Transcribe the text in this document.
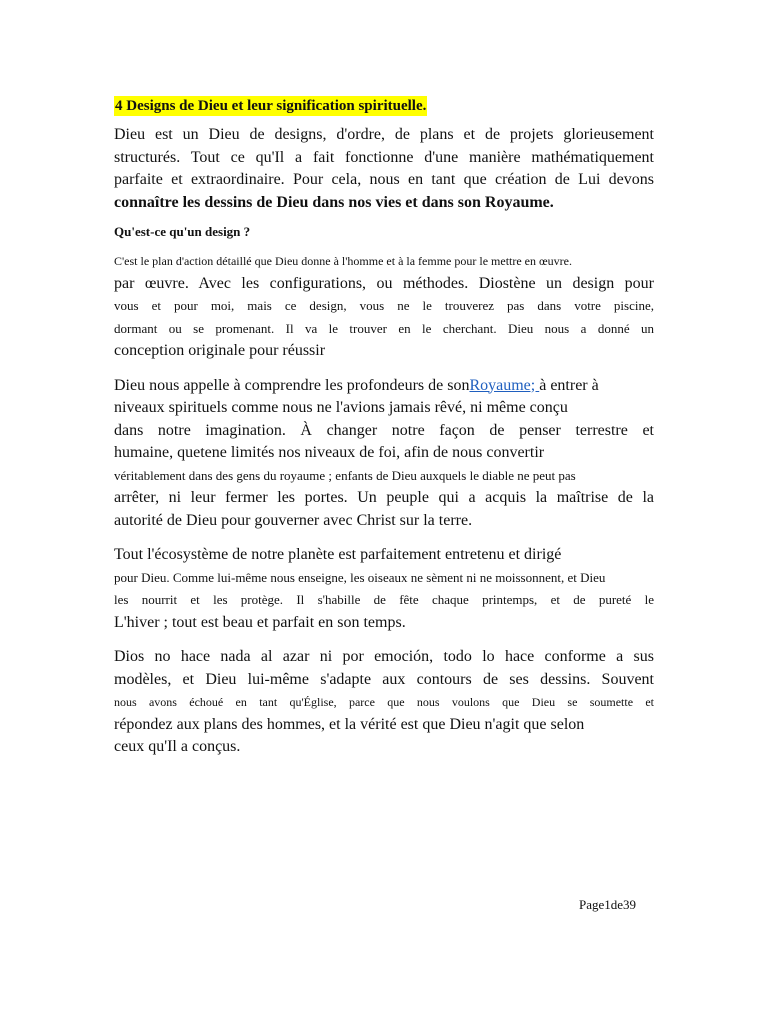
4 Designs de Dieu et leur signification spirituelle.

Dieu est un Dieu de designs, d'ordre, de plans et de projets glorieusement
structurés. Tout ce qu'Il a fait fonctionne d'une manière mathématiquement
parfaite et extraordinaire. Pour cela, nous en tant que création de Lui devons
connaître les dessins de Dieu dans nos vies et dans son Royaume.

Qu'est-ce qu'un design ?

C'est le plan d'action détaillé que Dieu donne à l'homme et à la femme pour le mettre en œuvre.
par œuvre. Avec les configurations, ou méthodes. Diostène un design pour
vous et pour moi, mais ce design, vous ne le trouverez pas dans votre piscine,
dormant ou se promenant. Il va le trouver en le cherchant. Dieu nous a donné un
conception originale pour réussir

Dieu nous appelle à comprendre les profondeurs de sonRoyaume; à entrer à
niveaux spirituels comme nous ne l'avions jamais rêvé, ni même conçu
dans notre imagination. À changer notre façon de penser terrestre et
humaine, quetene limités nos niveaux de foi, afin de nous convertir
véritablement dans des gens du royaume ; enfants de Dieu auxquels le diable ne peut pas
arrêter, ni leur fermer les portes. Un peuple qui a acquis la maîtrise de la
autorité de Dieu pour gouverner avec Christ sur la terre.

Tout l'écosystème de notre planète est parfaitement entretenu et dirigé
pour Dieu. Comme lui-même nous enseigne, les oiseaux ne sèment ni ne moissonnent, et Dieu
les nourrit et les protège. Il s'habille de fête chaque printemps, et de pureté le
L'hiver ; tout est beau et parfait en son temps.

Dios no hace nada al azar ni por emoción, todo lo hace conforme a sus
modèles, et Dieu lui-même s'adapte aux contours de ses dessins. Souvent
nous avons échoué en tant qu'Église, parce que nous voulons que Dieu se soumette et
répondez aux plans des hommes, et la vérité est que Dieu n'agit que selon
ceux qu'Il a conçus.

Page1de39
